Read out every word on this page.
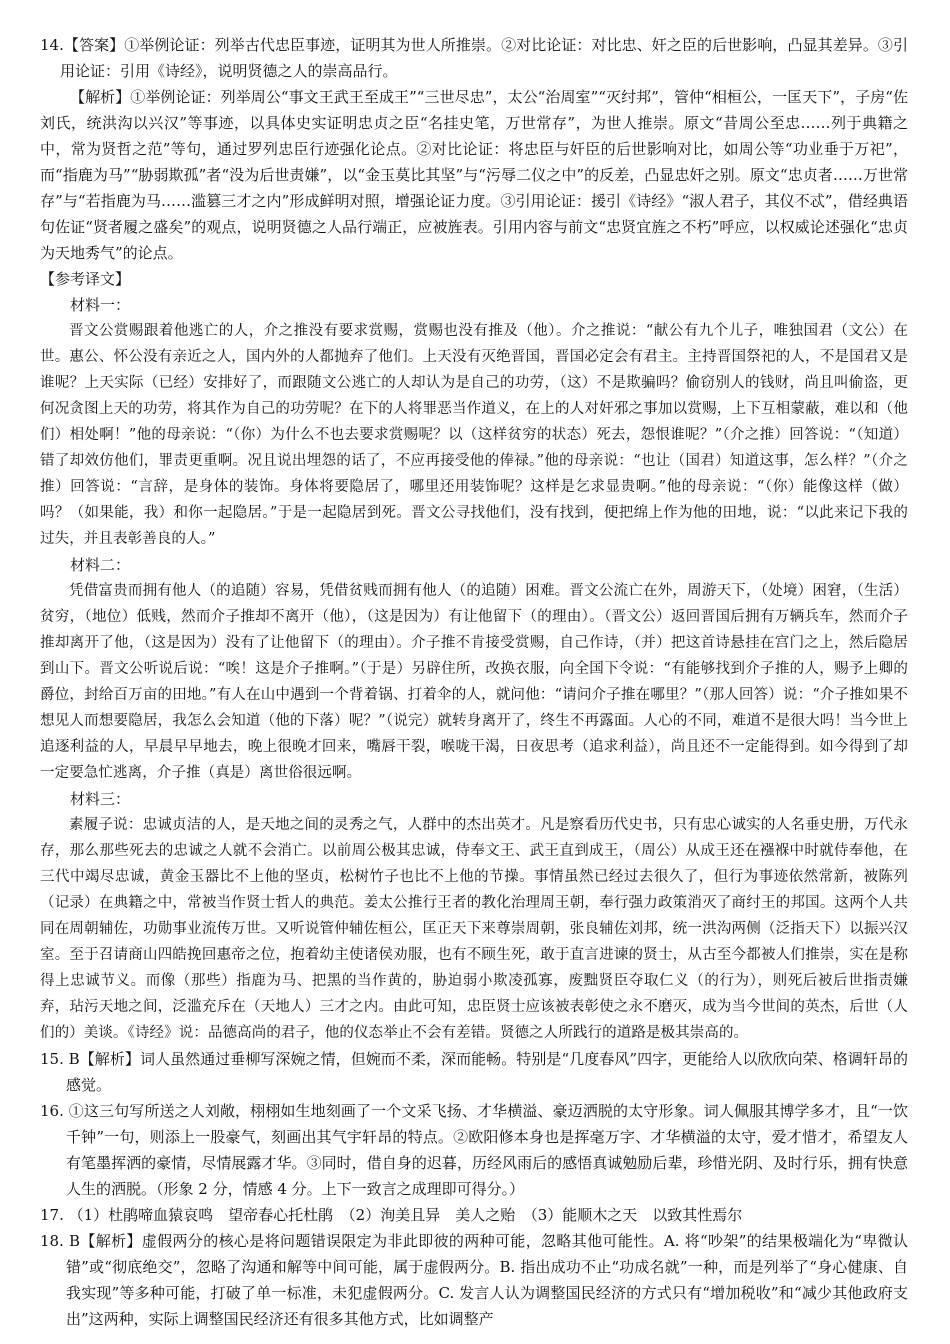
14.【答案】①举例论证：列举古代忠臣事迹，证明其为世人所推崇。②对比论证：对比忠、奸之臣的后世影响，凸显其差异。③引用论证：引用《诗经》，说明贤德之人的崇高品行。

【解析】①举例论证：列举周公“事文王武王至成王”“三世尽忠”，太公“治周室”“灭纣邦”，管仲“相桓公，一匡天下”，子房“佐刘氏，统洪沟以兴汉”等事迹，以具体史实证明忠贞之臣“名挂史笔，万世常存”，为世人推崇。原文“昔周公至忠……列于典籍之中，常为贤哲之范”等句，通过罗列忠臣行迹强化论点。②对比论证：将忠臣与奸臣的后世影响对比，如周公等“功业垂于万祀”，而“指鹿为马”“胁弱欺孤”者“没为后世责嫌”，以“金玉莫比其坚”与“污辱二仪之中”的反差，凸显忠奸之别。原文“忠贞者……万世常存”与“若指鹿为马……滥篡三才之内”形成鲜明对照，增强论证力度。③引用论证：援引《诗经》“淑人君子，其仪不忒”，借经典语句佐证“贤者履之盛矣”的观点，说明贤德之人品行端正，应被旌表。引用内容与前文“忠贤宜旌之不朽”呼应，以权威论述强化“忠贞为天地秀气”的论点。

【参考译文】

材料一：

晋文公赏赐跟着他逃亡的人，介之推没有要求赏赐，赏赐也没有推及（他）。介之推说：“献公有九个儿子，唯独国君（文公）在世。惠公、怀公没有亲近之人，国内外的人都抛弃了他们。上天没有灭绝晋国，晋国必定会有君主。主持晋国祭祀的人，不是国君又是谁呢？上天实际（已经）安排好了，而跟随文公逃亡的人却认为是自己的功劳，（这）不是欺骗吗？偷窃别人的钱财，尚且叫偷盗，更何况贪图上天的功劳，将其作为自己的功劳呢？在下的人将罪恶当作道义，在上的人对奸邪之事加以赏赐，上下互相蒙蔽，难以和（他们）相处啊！”他的母亲说：“（你）为什么不也去要求赏赐呢？以（这样贫穷的状态）死去，怨恨谁呢？”（介之推）回答说：“（知道）错了却效仿他们，罪责更重啊。况且说出埋怨的话了，不应再接受他的俸禄。”他的母亲说：“也让（国君）知道这事，怎么样？”（介之推）回答说：“言辞，是身体的装饰。身体将要隐居了，哪里还用装饰呢？这样是乞求显贵啊。”他的母亲说：“（你）能像这样（做）吗？（如果能，我）和你一起隐居。”于是一起隐居到死。晋文公寻找他们，没有找到，便把绵上作为他的田地，说：“以此来记下我的过失，并且表彰善良的人。”

材料二：

凭借富贵而拥有他人（的追随）容易，凭借贫贱而拥有他人（的追随）困难。晋文公流亡在外，周游天下，（处境）困窘，（生活）贫穷，（地位）低贱，然而介子推却不离开（他），（这是因为）有让他留下（的理由）。（晋文公）返回晋国后拥有万辆兵车，然而介子推却离开了他，（这是因为）没有了让他留下（的理由）。介子推不肯接受赏赐，自己作诗，（并）把这首诗悬挂在宫门之上，然后隐居到山下。晋文公听说后说：“唉！这是介子推啊。”（于是）另辟住所，改换衣服，向全国下令说：“有能够找到介子推的人，赐予上卿的爵位，封给百万亩的田地。”有人在山中遇到一个背着锅、打着伞的人，就问他：“请问介子推在哪里？”（那人回答）说：“介子推如果不想见人而想要隐居，我怎么会知道（他的下落）呢？”（说完）就转身离开了，终生不再露面。人心的不同，难道不是很大吗！当今世上追逐利益的人，早晨早早地去，晚上很晚才回来，嘴唇干裂，喉咙干渴，日夜思考（追求利益），尚且还不一定能得到。如今得到了却一定要急忙逃离，介子推（真是）离世俗很远啊。

材料三：

素履子说：忠诚贞洁的人，是天地之间的灵秀之气，人群中的杰出英才。凡是察看历代史书，只有忠心诚实的人名垂史册，万代永存，那么那些死去的忠诚之人就不会消亡。以前周公极其忠诚，侍奉文王、武王直到成王，（周公）从成王还在襁褓中时就侍奉他，在三代中竭尽忠诚，黄金玉器比不上他的坚贞，松树竹子也比不上他的节操。事情虽然已经过去很久了，但行为事迹依然常新，被陈列（记录）在典籍之中，常被当作贤士哲人的典范。姜太公推行王者的教化治理周王朝，奉行强力政策消灭了商纣王的邦国。这两个人共同在周朝辅佐，功勋事业流传万世。又听说管仲辅佐桓公，匡正天下来尊崇周朝，张良辅佐刘邦，统一洪沟两侧（泛指天下）以振兴汉室。至于召请商山四皓挽回惠帝之位，抱着幼主使诸侯劝服，也有不顾生死，敢于直言进谏的贤士，从古至今都被人们推崇，实在是称得上忠诚节义。而像（那些）指鹿为马、把黑的当作黄的，胁迫弱小欺凌孤寡，废黜贤臣夺取仁义（的行为），则死后被后世指责嫌弃，玷污天地之间，泛滥充斥在（天地人）三才之内。由此可知，忠臣贤士应该被表彰使之永不磨灭，成为当今世间的英杰，后世（人们的）美谈。《诗经》说：品德高尚的君子，他的仪态举止不会有差错。贤德之人所践行的道路是极其崇高的。

15. B【解析】词人虽然通过垂柳写深婉之情，但婉而不柔，深而能畅。特别是“几度春风”四字，更能给人以欣欣向荣、格调轩昂的感觉。

16. ①这三句写所送之人刘敞，栩栩如生地刻画了一个文采飞扬、才华横溢、豪迈洒脱的太守形象。词人佩服其博学多才，且“一饮千钟”一句，则添上一股豪气，刻画出其气宇轩昂的特点。②欧阳修本身也是挥毫万字、才华横溢的太守，爱才惜才，希望友人有笔墨挥洒的豪情，尽情展露才华。③同时，借自身的迟暮，历经风雨后的感悟真诚勉励后辈，珍惜光阴、及时行乐，拥有快意人生的洒脱。（形象 2 分，情感 4 分。上下一致言之成理即可得分。）

17. （1）杜鹃啼血猿哀鸣　望帝春心托杜鹃　（2）洵美且异　美人之贻　（3）能顺木之天　以致其性焉尔

18. B【解析】虚假两分的核心是将问题错误限定为非此即彼的两种可能，忽略其他可能性。A. 将“吵架”的结果极端化为“卑微认错”或“彻底绝交”，忽略了沟通和解等中间可能，属于虚假两分。B. 指出成功不止“功成名就”一种，而是列举了“身心健康、自我实现”等多种可能，打破了单一标准，未犯虚假两分。C. 发言人认为调整国民经济的方式只有“增加税收”和“减少其他政府支出”这两种，实际上调整国民经济还有很多其他方式，比如调整产
